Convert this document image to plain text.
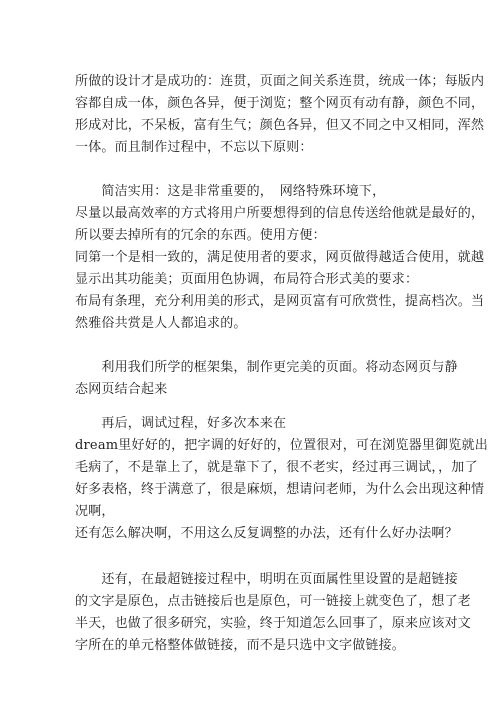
所做的设计才是成功的：连贯，页面之间关系连贯，统成一体；每版内
容都自成一体，颜色各异，便于浏览；整个网页有动有静，颜色不同，
形成对比，不呆板，富有生气；颜色各异，但又不同之中又相同，浑然
一体。而且制作过程中，不忘以下原则：
　　简洁实用：这是非常重要的，　网络特殊环境下，
尽量以最高效率的方式将用户所要想得到的信息传送给他就是最好的，
所以要去掉所有的冗余的东西。使用方便：
同第一个是相一致的，满足使用者的要求，网页做得越适合使用，就越
显示出其功能美；页面用色协调，布局符合形式美的要求：
布局有条理，充分利用美的形式，是网页富有可欣赏性，提高档次。当
然雅俗共赏是人人都追求的。
　　利用我们所学的框架集，制作更完美的页面。将动态网页与静
态网页结合起来
　　再后，调试过程，好多次本来在
dream里好好的，把字调的好好的，位置很对，可在浏览器里御览就出
毛病了，不是靠上了，就是靠下了，很不老实，经过再三调试，，加了
好多表格，终于满意了，很是麻烦，想请问老师，为什么会出现这种情
况啊，
还有怎么解决啊，不用这么反复调整的办法，还有什么好办法啊？
　　还有，在最超链接过程中，明明在页面属性里设置的是超链接
的文字是原色，点击链接后也是原色，可一链接上就变色了，想了老
半天，也做了很多研究，实验，终于知道怎么回事了，原来应该对文
字所在的单元格整体做链接，而不是只选中文字做链接。
